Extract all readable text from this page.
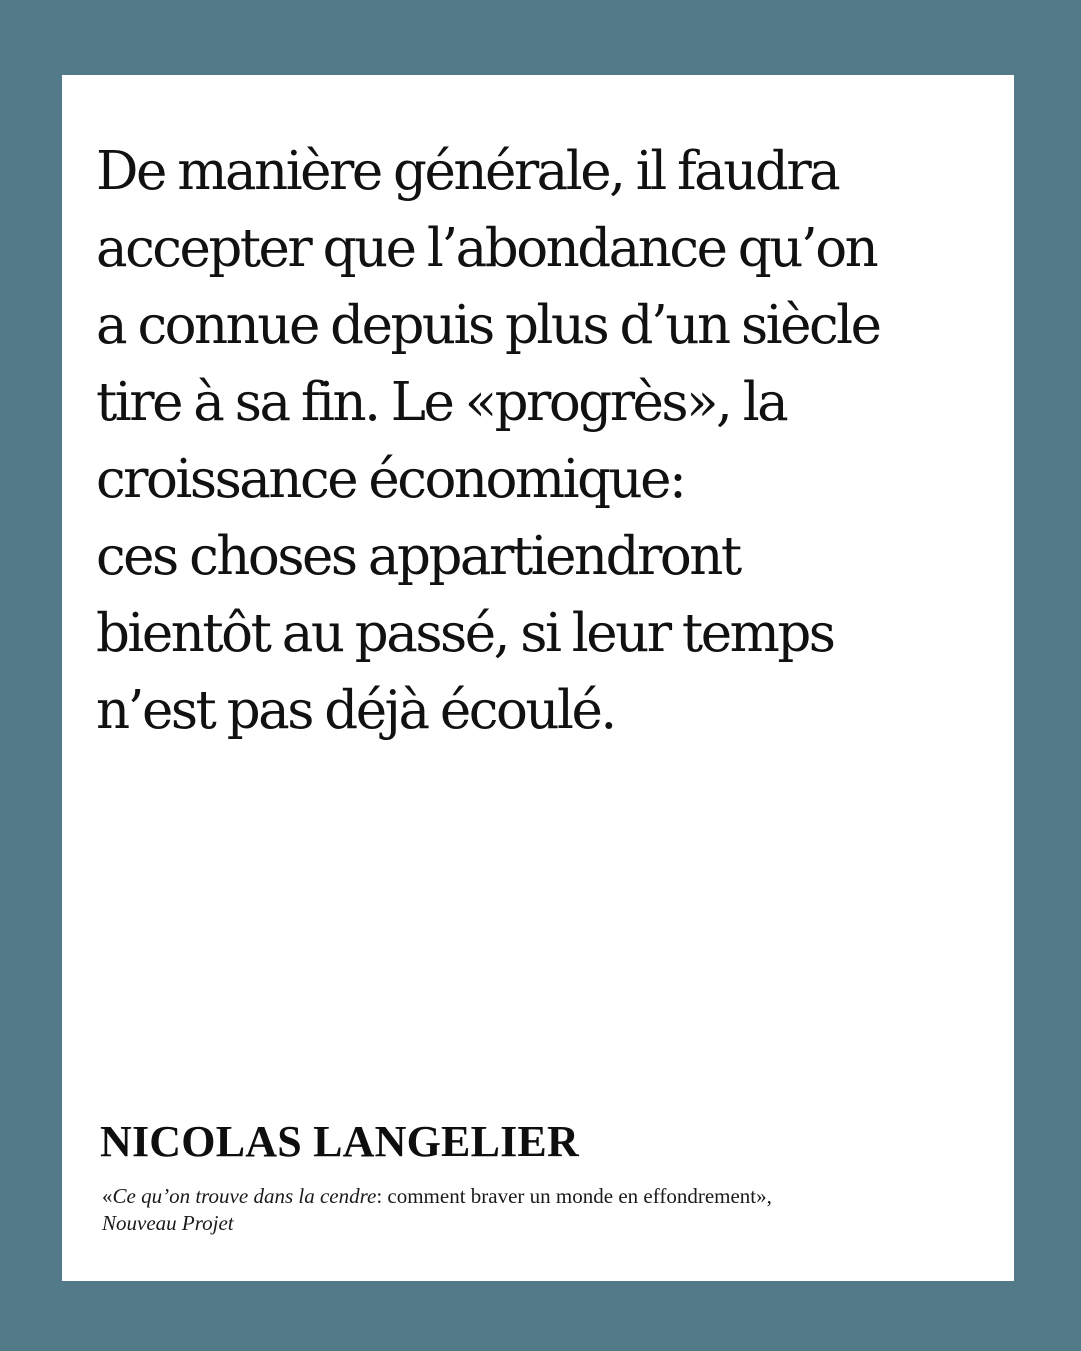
De manière générale, il faudra
accepter que l’abondance qu’on
a connue depuis plus d’un siècle
tire à sa fin. Le «progrès», la
croissance économique:
ces choses appartiendront
bientôt au passé, si leur temps
n’est pas déjà écoulé.

NICOLAS LANGELIER

«Ce qu’on trouve dans la cendre: comment braver un monde en effondrement»,
Nouveau Projet
